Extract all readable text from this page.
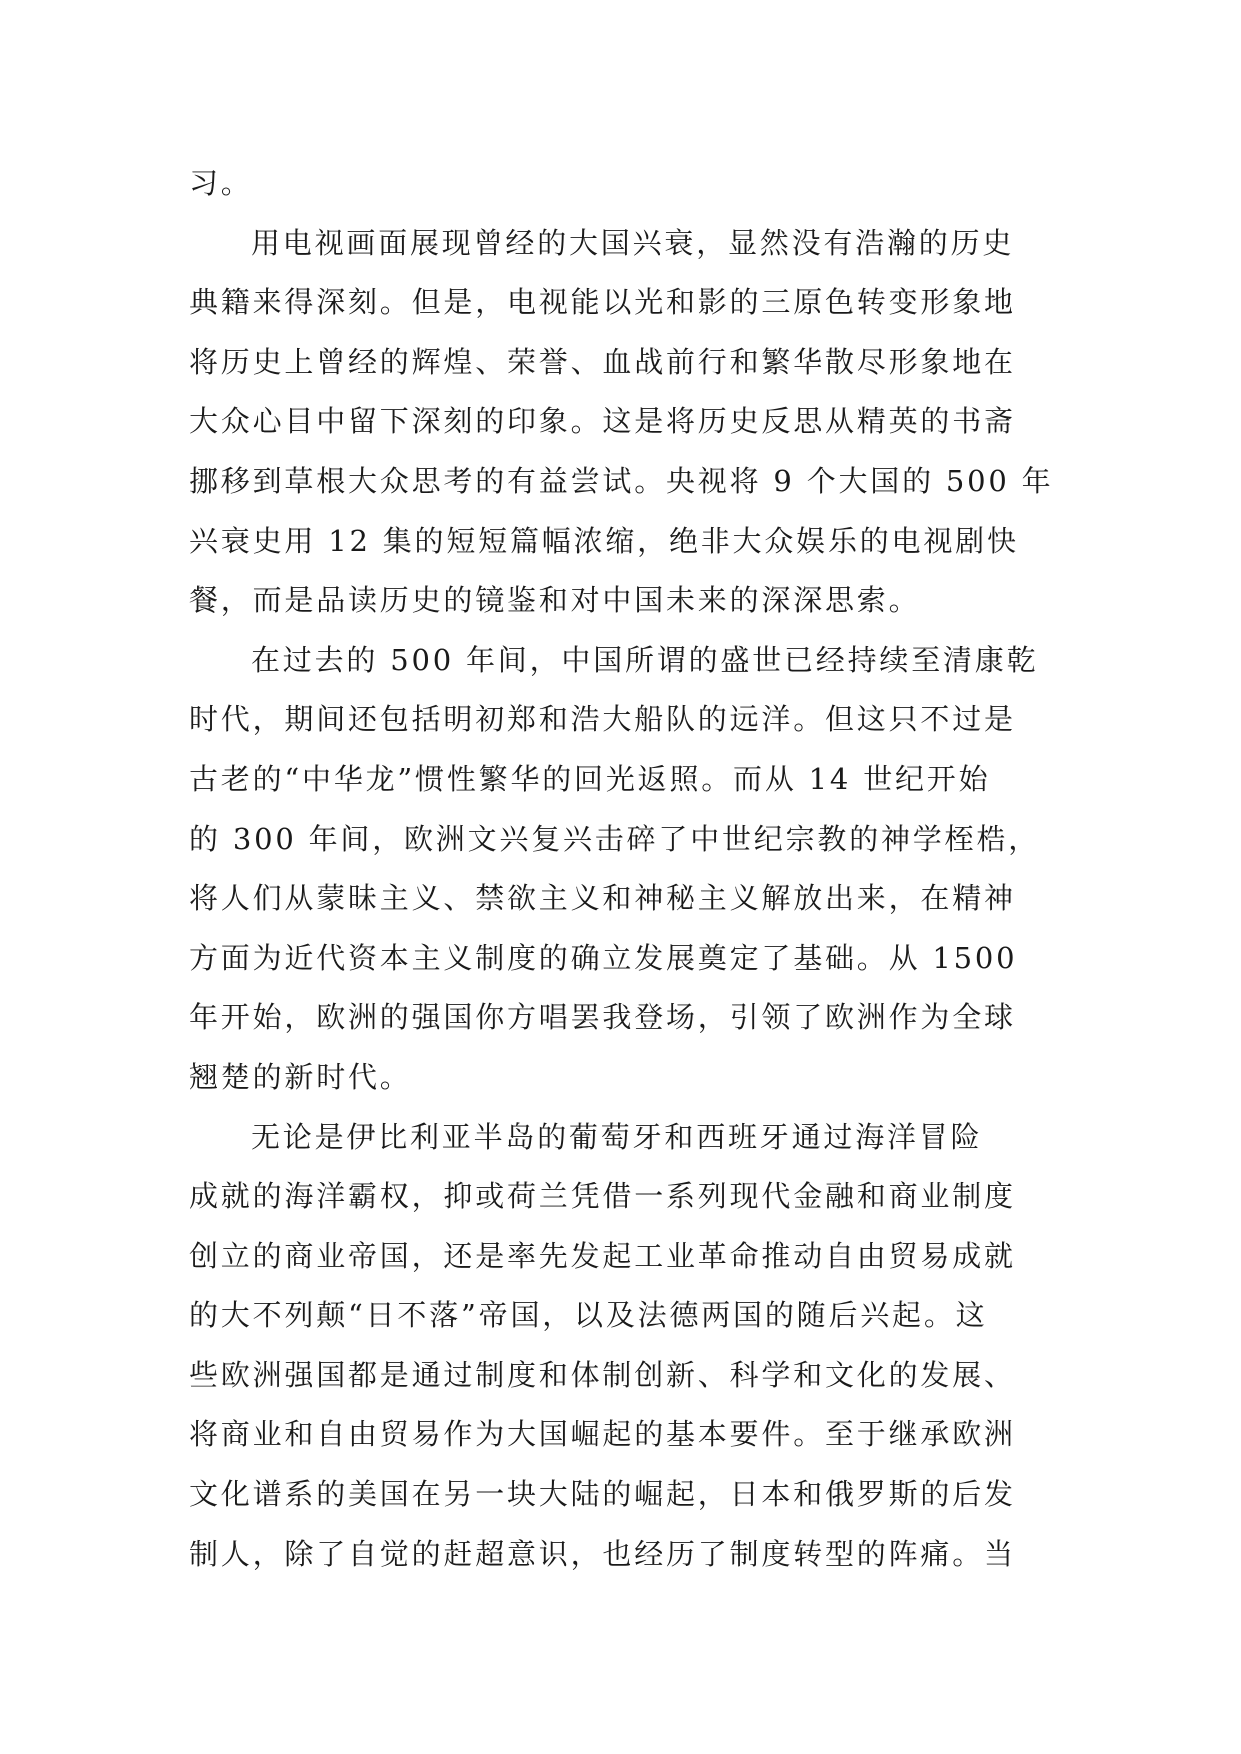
习。
用电视画面展现曾经的大国兴衰，显然没有浩瀚的历史
典籍来得深刻。但是，电视能以光和影的三原色转变形象地
将历史上曾经的辉煌、荣誉、血战前行和繁华散尽形象地在
大众心目中留下深刻的印象。这是将历史反思从精英的书斋
挪移到草根大众思考的有益尝试。央视将 9 个大国的 500 年
兴衰史用 12 集的短短篇幅浓缩，绝非大众娱乐的电视剧快
餐，而是品读历史的镜鉴和对中国未来的深深思索。
在过去的 500 年间，中国所谓的盛世已经持续至清康乾
时代，期间还包括明初郑和浩大船队的远洋。但这只不过是
古老的“中华龙”惯性繁华的回光返照。而从 14 世纪开始
的 300 年间，欧洲文兴复兴击碎了中世纪宗教的神学桎梏，
将人们从蒙昧主义、禁欲主义和神秘主义解放出来，在精神
方面为近代资本主义制度的确立发展奠定了基础。从 1500
年开始，欧洲的强国你方唱罢我登场，引领了欧洲作为全球
翘楚的新时代。
无论是伊比利亚半岛的葡萄牙和西班牙通过海洋冒险
成就的海洋霸权，抑或荷兰凭借一系列现代金融和商业制度
创立的商业帝国，还是率先发起工业革命推动自由贸易成就
的大不列颠“日不落”帝国，以及法德两国的随后兴起。这
些欧洲强国都是通过制度和体制创新、科学和文化的发展、
将商业和自由贸易作为大国崛起的基本要件。至于继承欧洲
文化谱系的美国在另一块大陆的崛起，日本和俄罗斯的后发
制人，除了自觉的赶超意识，也经历了制度转型的阵痛。当
